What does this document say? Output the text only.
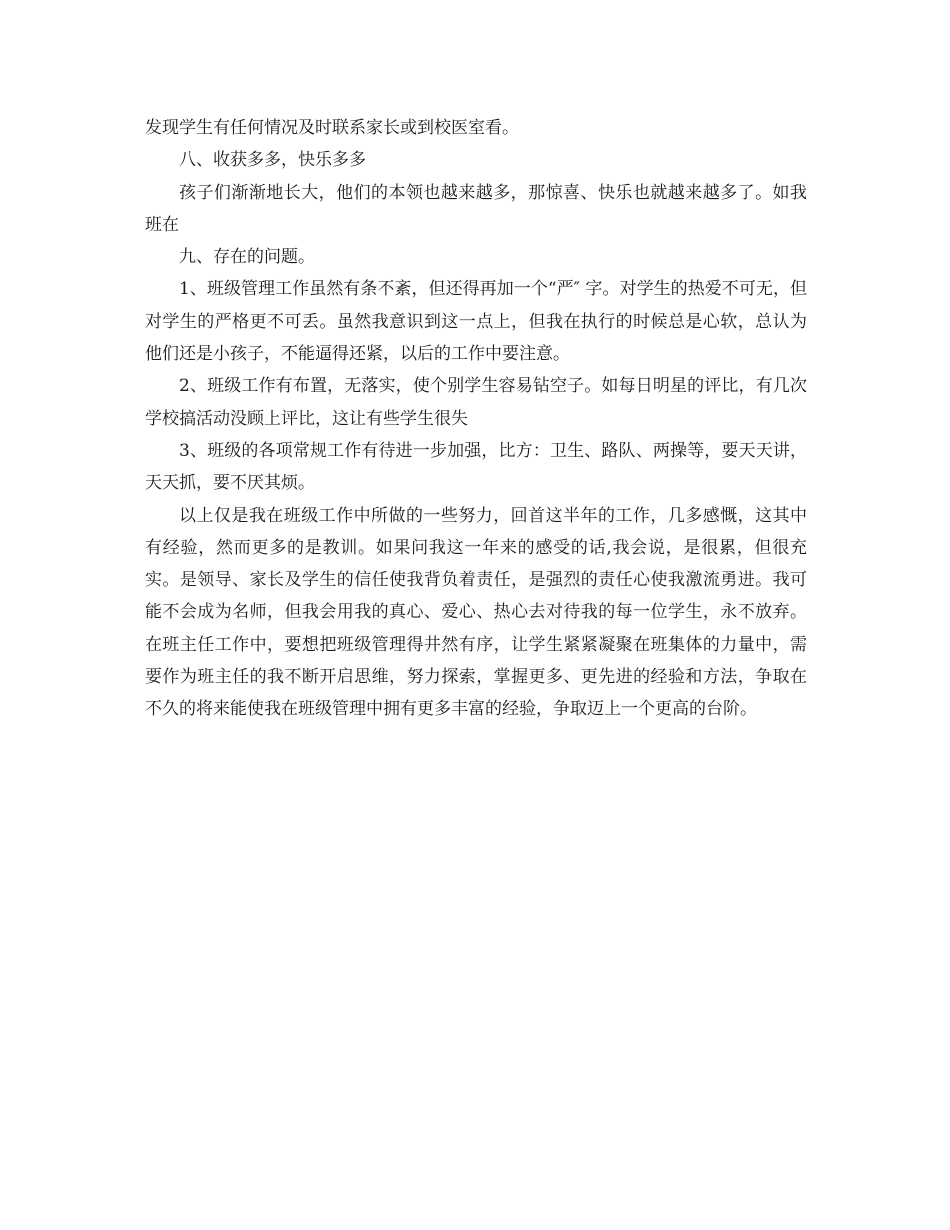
发现学生有任何情况及时联系家长或到校医室看。

八、收获多多，快乐多多

孩子们渐渐地长大，他们的本领也越来越多，那惊喜、快乐也就越来越多了。如我班在

九、存在的问题。

1、班级管理工作虽然有条不紊，但还得再加一个“严″ 字。对学生的热爱不可无，但对学生的严格更不可丢。虽然我意识到这一点上，但我在执行的时候总是心软，总认为他们还是小孩子，不能逼得还紧，以后的工作中要注意。

2、班级工作有布置，无落实，使个别学生容易钻空子。如每日明星的评比，有几次学校搞活动没顾上评比，这让有些学生很失

3、班级的各项常规工作有待进一步加强，比方：卫生、路队、两操等，要天天讲，天天抓，要不厌其烦。

以上仅是我在班级工作中所做的一些努力，回首这半年的工作，几多感慨，这其中有经验，然而更多的是教训。如果问我这一年来的感受的话,我会说，是很累，但很充实。是领导、家长及学生的信任使我背负着责任，是强烈的责任心使我激流勇进。我可能不会成为名师，但我会用我的真心、爱心、热心去对待我的每一位学生，永不放弃。 在班主任工作中，要想把班级管理得井然有序，让学生紧紧凝聚在班集体的力量中，需要作为班主任的我不断开启思维，努力探索，掌握更多、更先进的经验和方法，争取在不久的将来能使我在班级管理中拥有更多丰富的经验，争取迈上一个更高的台阶。
